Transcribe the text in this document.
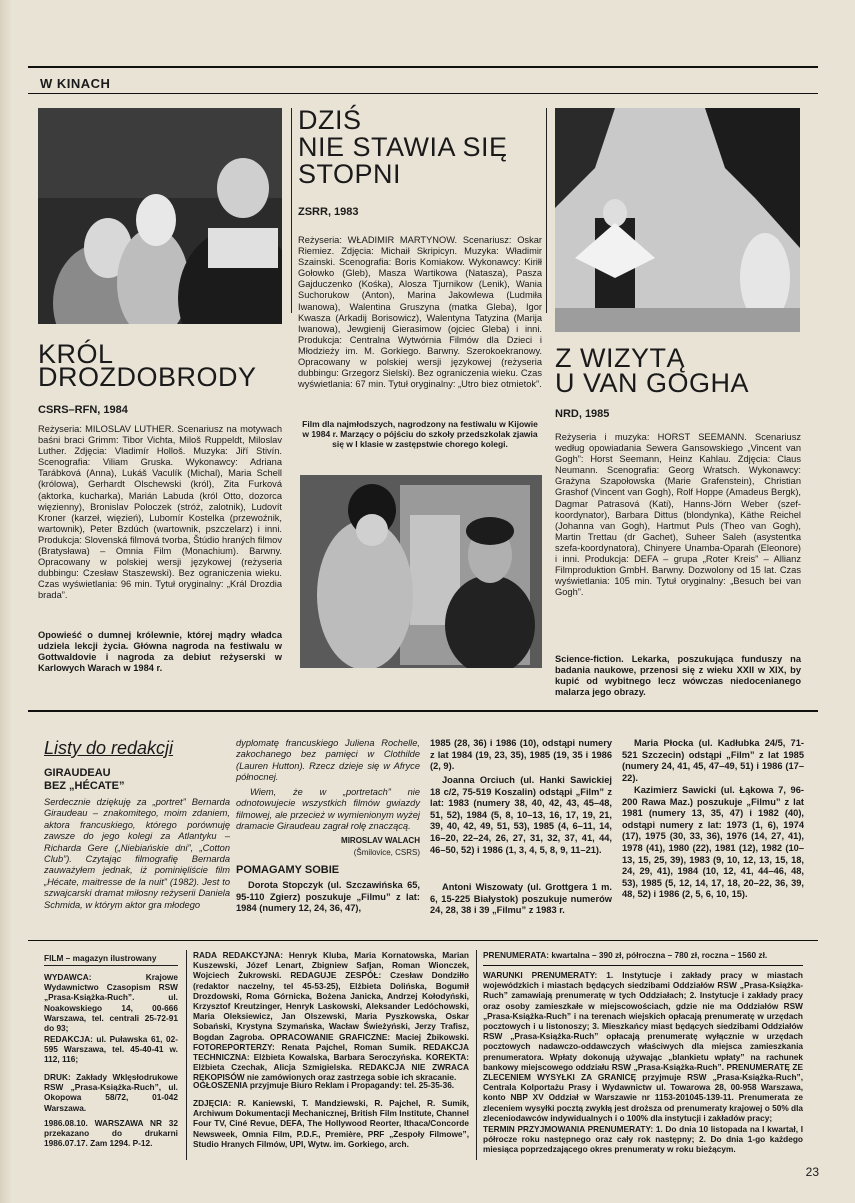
W KINACH
KRÓL
DROZDOBRODY
CSRS–RFN, 1984
Reżyseria: MILOSLAV LUTHER. Scenariusz na motywach baśni braci Grimm: Tibor Vichta, Miloš Ruppeldt, Miloslav Luther. Zdjęcia: Vladimír Holloš. Muzyka: Jiří Stivín. Scenografia: Viliam Gruska. Wykonawcy: Adriana Tarábková (Anna), Lukáš Vaculík (Michal), Maria Schell (królowa), Gerhardt Olschewski (król), Zita Furková (aktorka, kucharka), Marián Labuda (król Otto, dozorca więzienny), Bronislav Poloczek (stróż, zalotnik), Ludovít Kroner (karzeł, więzień), Lubomír Kostelka (przewoźnik, wartownik), Peter Bzdúch (wartownik, pszczelarz) i inni. Produkcja: Slovenská filmová tvorba, Štúdio hraných filmov (Bratysława) – Omnia Film (Monachium). Barwny. Opracowany w polskiej wersji językowej (reżyseria dubbingu: Czesław Staszewski). Bez ograniczenia wieku. Czas wyświetlania: 96 min. Tytuł oryginalny: „Král Drozdia brada”.
DZIŚ
NIE STAWIA SIĘ
STOPNI
ZSRR, 1983
Reżyseria: WŁADIMIR MARTYNOW. Scenariusz: Oskar Riemiez. Zdjęcia: Michaił Skripicyn. Muzyka: Władimir Szainski. Scenografia: Boris Komiakow. Wykonawcy: Kiriłł Gołowko (Gleb), Masza Wartikowa (Natasza), Pasza Gajduczenko (Kośka), Alosza Tjurnikow (Lenik), Wania Suchorukow (Anton), Marina Jakowlewa (Ludmiła Iwanowa), Walentina Gruszyna (matka Gleba), Igor Kwasza (Arkadij Borisowicz), Walentyna Tatyzina (Marija Iwanowa), Jewgienij Gierasimow (ojciec Gleba) i inni. Produkcja: Centralna Wytwórnia Filmów dla Dzieci i Młodzieży im. M. Gorkiego. Barwny. Szerokoekranowy. Opracowany w polskiej wersji językowej (reżyseria dubbingu: Grzegorz Sielski). Bez ograniczenia wieku. Czas wyświetlania: 67 min. Tytuł oryginalny: „Utro biez otmietok”.
Film dla najmłodszych, nagrodzony na festiwalu w Kijowie w 1984 r. Marzący o pójściu do szkoły przedszkolak zjawia się w I klasie w zastępstwie chorego kolegi.
Z WIZYTĄ
U VAN GOGHA
NRD, 1985
Reżyseria i muzyka: HORST SEEMANN. Scenariusz według opowiadania Sewera Gansowskiego „Vincent van Gogh”: Horst Seemann, Heinz Kahlau. Zdjęcia: Claus Neumann. Scenografia: Georg Wratsch. Wykonawcy: Grażyna Szapołowska (Marie Grafenstein), Christian Grashof (Vincent van Gogh), Rolf Hoppe (Amadeus Bergk), Dagmar Patrasová (Kati), Hanns-Jörn Weber (szef-koordynator), Barbara Dittus (blondynka), Käthe Reichel (Johanna van Gogh), Hartmut Puls (Theo van Gogh), Martin Trettau (dr Gachet), Suheer Saleh (asystentka szefa-koordynatora), Chinyere Unamba-Oparah (Eleonore) i inni. Produkcja: DEFA – grupa „Roter Kreis” – Allianz Filmproduktion GmbH. Barwny. Dozwolony od 15 lat. Czas wyświetlania: 105 min. Tytuł oryginalny: „Besuch bei van Gogh”.
Opowieść o dumnej królewnie, której mądry władca udziela lekcji życia. Główna nagroda na festiwalu w Gottwaldovie i nagroda za debiut reżyserski w Karlowych Warach w 1984 r.
Science-fiction. Lekarka, poszukująca funduszy na badania naukowe, przenosi się z wieku XXII w XIX, by kupić od wybitnego lecz wówczas niedocenianego malarza jego obrazy.
Listy do redakcji
GIRAUDEAU
BEZ „HÉCATE”
Serdecznie dziękuję za „portret” Bernarda Giraudeau – znakomitego, moim zdaniem, aktora francuskiego, którego porównuję zawsze do jego kolegi za Atlantyku – Richarda Gere („Niebiańskie dni”, „Cotton Club”). Czytając filmografię Bernarda zauważyłem jednak, iż pominięliście film „Hécate, maitresse de la nuit” (1982). Jest to szwajcarski dramat miłosny reżyserii Daniela Schmida, w którym aktor gra młodego
dyplomatę francuskiego Juliena Rochelle, zakochanego bez pamięci w Clothilde (Lauren Hutton). Rzecz dzieje się w Afryce północnej.
Wiem, że w „portretach” nie odnotowujecie wszystkich filmów gwiazdy filmowej, ale przecież w wymienionym wyżej dramacie Giraudeau zagrał rolę znaczącą.
MIROSLAV WALACH
(Šmilovice, CSRS)
POMAGAMY SOBIE
Dorota Stopczyk (ul. Szczawińska 65, 95-110 Zgierz) poszukuje „Filmu” z lat: 1984 (numery 12, 24, 36, 47),
1985 (28, 36) i 1986 (10), odstąpi numery z lat 1984 (19, 23, 35), 1985 (19, 35 i 1986 (2, 9).
Joanna Orciuch (ul. Hanki Sawickiej 18 c/2, 75-519 Koszalin) odstąpi „Film” z lat: 1983 (numery 38, 40, 42, 43, 45–48, 51, 52), 1984 (5, 8, 10–13, 16, 17, 19, 21, 39, 40, 42, 49, 51, 53), 1985 (4, 6–11, 14, 16–20, 22–24, 26, 27, 31, 32, 37, 41, 44, 46–50, 52) i 1986 (1, 3, 4, 5, 8, 9, 11–21).
Antoni Wiszowaty (ul. Grottgera 1 m. 6, 15-225 Białystok) poszukuje numerów 24, 28, 38 i 39 „Filmu” z 1983 r.
Maria Płocka (ul. Kadłubka 24/5, 71-521 Szczecin) odstąpi „Film” z lat 1985 (numery 24, 41, 45, 47–49, 51) i 1986 (17–22).
Kazimierz Sawicki (ul. Łąkowa 7, 96-200 Rawa Maz.) poszukuje „Filmu” z lat 1981 (numery 13, 35, 47) i 1982 (40), odstąpi numery z lat: 1973 (1, 6), 1974 (17), 1975 (30, 33, 36), 1976 (14, 27, 41), 1978 (41), 1980 (22), 1981 (12), 1982 (10–13, 15, 25, 39), 1983 (9, 10, 12, 13, 15, 18, 24, 29, 41), 1984 (10, 12, 41, 44–46, 48, 53), 1985 (5, 12, 14, 17, 18, 20–22, 36, 39, 48, 52) i 1986 (2, 5, 6, 10, 15).
FILM – magazyn ilustrowany
WYDAWCA: Krajowe Wydawnictwo Czasopism RSW „Prasa-Książka-Ruch”. ul. Noakowskiego 14, 00-666 Warszawa, tel. centrali 25-72-91 do 93;
REDAKCJA: ul. Puławska 61, 02-595 Warszawa, tel. 45-40-41 w. 112, 116;
DRUK: Zakłady Wklęsłodrukowe RSW „Prasa-Książka-Ruch”, ul. Okopowa 58/72, 01-042 Warszawa.
1986.08.10. WARSZAWA NR 32 przekazano do drukarni 1986.07.17. Zam 1294. P-12.
RADA REDAKCYJNA: Henryk Kluba, Maria Kornatowska, Marian Kuszewski, Józef Lenart, Zbigniew Safjan, Roman Wionczek, Wojciech Żukrowski. REDAGUJE ZESPÓŁ: Czesław Dondziłło (redaktor naczelny, tel 45-53-25), Elżbieta Dolińska, Bogumił Drozdowski, Roma Górnicka, Bożena Janicka, Andrzej Kołodyński, Krzysztof Kreutzinger, Henryk Laskowski, Aleksander Ledóchowski, Maria Oleksiewicz, Jan Olszewski, Maria Pyszkowska, Oskar Sobański, Krystyna Szymańska, Wacław Świeżyński, Jerzy Trafisz, Bogdan Zagroba. OPRACOWANIE GRAFICZNE: Maciej Żbikowski. FOTOREPORTERZY: Renata Pajchel, Roman Sumik. REDAKCJA TECHNICZNA: Elżbieta Kowalska, Barbara Seroczyńska. KOREKTA: Elżbieta Czechak, Alicja Szmigielska. REDAKCJA NIE ZWRACA RĘKOPISÓW nie zamówionych oraz zastrzega sobie ich skracanie.
OGŁOSZENIA przyjmuje Biuro Reklam i Propagandy: tel. 25-35-36.
ZDJĘCIA: R. Kaniewski, T. Mandziewski, R. Pajchel, R. Sumik, Archiwum Dokumentacji Mechanicznej, British Film Institute, Channel Four TV, Ciné Revue, DEFA, The Hollywood Reorter, Ithaca/Concorde Newsweek, Omnia Film, P.D.F., Première, PRF „Zespoły Filmowe”, Studio Hranych Filmów, UPI, Wytw. im. Gorkiego, arch.
PRENUMERATA: kwartalna – 390 zł, półroczna – 780 zł, roczna – 1560 zł.
WARUNKI PRENUMERATY: 1. Instytucje i zakłady pracy w miastach wojewódzkich i miastach będących siedzibami Oddziałów RSW „Prasa-Książka-Ruch” zamawiają prenumeratę w tych Oddziałach; 2. Instytucje i zakłady pracy oraz osoby zamieszkałe w miejscowościach, gdzie nie ma Oddziałów RSW „Prasa-Książka-Ruch” i na terenach wiejskich opłacają prenumeratę w urzędach pocztowych i u listonoszy; 3. Mieszkańcy miast będących siedzibami Oddziałów RSW „Prasa-Książka-Ruch” opłacają prenumeratę wyłącznie w urzędach pocztowych nadawczo-oddawczych właściwych dla miejsca zamieszkania prenumeratora. Wpłaty dokonują używając „blankietu wpłaty” na rachunek bankowy miejscowego oddziału RSW „Prasa-Książka-Ruch”. PRENUMERATĘ ZE ZLECENIEM WYSYŁKI ZA GRANICĘ przyjmuje RSW „Prasa-Książka-Ruch”, Centrala Kolportażu Prasy i Wydawnictw ul. Towarowa 28, 00-958 Warszawa, konto NBP XV Oddział w Warszawie nr 1153-201045-139-11. Prenumerata ze zleceniem wysyłki pocztą zwykłą jest droższa od prenumeraty krajowej o 50% dla zleceniodawców indywidualnych i o 100% dla instytucji i zakładów pracy;
TERMIN PRZYJMOWANIA PRENUMERATY: 1. Do dnia 10 listopada na I kwartał, I półrocze roku następnego oraz cały rok następny; 2. Do dnia 1-go każdego miesiąca poprzedzającego okres prenumeraty w roku bieżącym.
23
